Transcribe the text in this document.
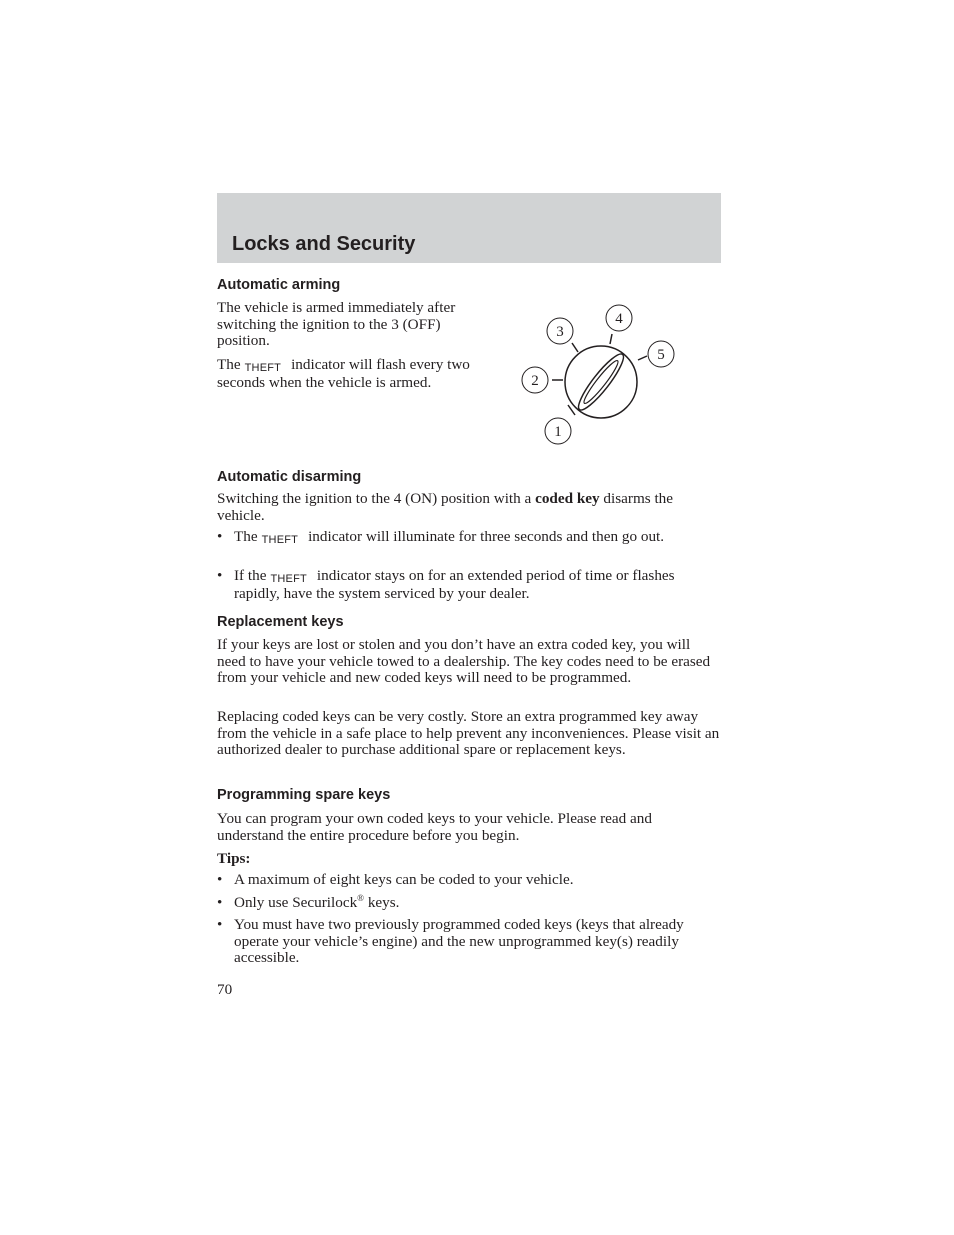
Locks and Security
Automatic arming

The vehicle is armed immediately after switching the ignition to the 3 (OFF) position.

The THEFT indicator will flash every two seconds when the vehicle is armed.

1
2
3
4
5
Automatic disarming

Switching the ignition to the 4 (ON) position with a coded key disarms the vehicle.

• The THEFT indicator will illuminate for three seconds and then go out.
• If the THEFT indicator stays on for an extended period of time or flashes rapidly, have the system serviced by your dealer.
Replacement keys

If your keys are lost or stolen and you don’t have an extra coded key, you will need to have your vehicle towed to a dealership. The key codes need to be erased from your vehicle and new coded keys will need to be programmed.

Replacing coded keys can be very costly. Store an extra programmed key away from the vehicle in a safe place to help prevent any inconveniences. Please visit an authorized dealer to purchase additional spare or replacement keys.

Programming spare keys

You can program your own coded keys to your vehicle. Please read and understand the entire procedure before you begin.

Tips:

• A maximum of eight keys can be coded to your vehicle.
• Only use Securilock® keys.
• You must have two previously programmed coded keys (keys that already operate your vehicle’s engine) and the new unprogrammed key(s) readily accessible.

70
